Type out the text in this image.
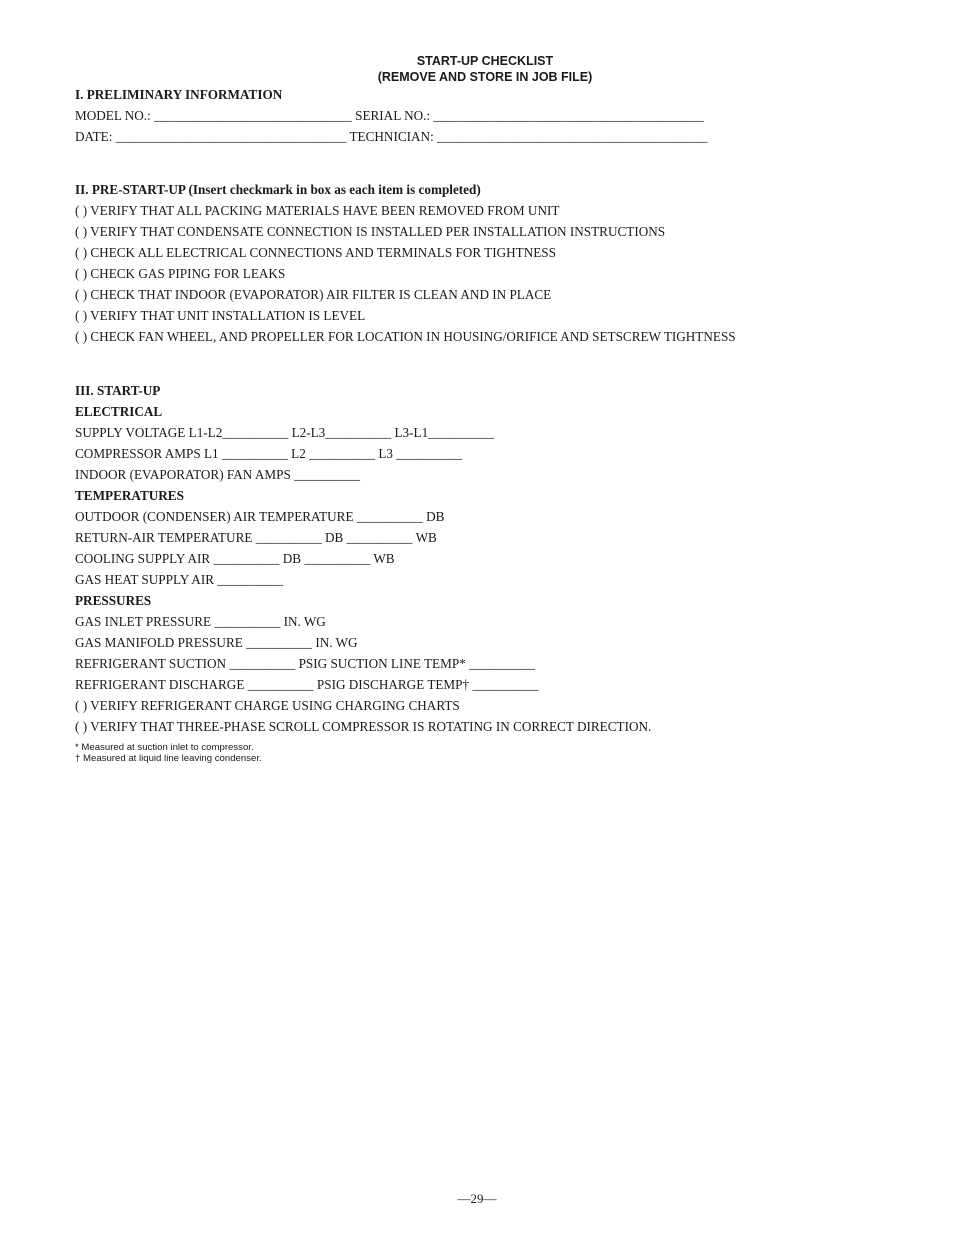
START-UP CHECKLIST
(REMOVE AND STORE IN JOB FILE)
I. PRELIMINARY INFORMATION
MODEL NO.: ______________________________ SERIAL NO.: _________________________________________
DATE: ___________________________________ TECHNICIAN: _________________________________________
II. PRE-START-UP (Insert checkmark in box as each item is completed)
( ) VERIFY THAT ALL PACKING MATERIALS HAVE BEEN REMOVED FROM UNIT
( ) VERIFY THAT CONDENSATE CONNECTION IS INSTALLED PER INSTALLATION INSTRUCTIONS
( ) CHECK ALL ELECTRICAL CONNECTIONS AND TERMINALS FOR TIGHTNESS
( ) CHECK GAS PIPING FOR LEAKS
( ) CHECK THAT INDOOR (EVAPORATOR) AIR FILTER IS CLEAN AND IN PLACE
( ) VERIFY THAT UNIT INSTALLATION IS LEVEL
( ) CHECK FAN WHEEL, AND PROPELLER FOR LOCATION IN HOUSING/ORIFICE AND SETSCREW TIGHTNESS
III. START-UP
ELECTRICAL
SUPPLY VOLTAGE L1-L2__________ L2-L3__________ L3-L1__________
COMPRESSOR AMPS L1 __________ L2 __________ L3 __________
INDOOR (EVAPORATOR) FAN AMPS __________
TEMPERATURES
OUTDOOR (CONDENSER) AIR TEMPERATURE __________ DB
RETURN-AIR TEMPERATURE __________ DB __________ WB
COOLING SUPPLY AIR __________ DB __________ WB
GAS HEAT SUPPLY AIR __________
PRESSURES
GAS INLET PRESSURE __________ IN. WG
GAS MANIFOLD PRESSURE __________ IN. WG
REFRIGERANT SUCTION __________ PSIG SUCTION LINE TEMP* __________
REFRIGERANT DISCHARGE __________ PSIG DISCHARGE TEMP† __________
( ) VERIFY REFRIGERANT CHARGE USING CHARGING CHARTS
( ) VERIFY THAT THREE-PHASE SCROLL COMPRESSOR IS ROTATING IN CORRECT DIRECTION.
* Measured at suction inlet to compressor.
† Measured at liquid line leaving condenser.
—29—
